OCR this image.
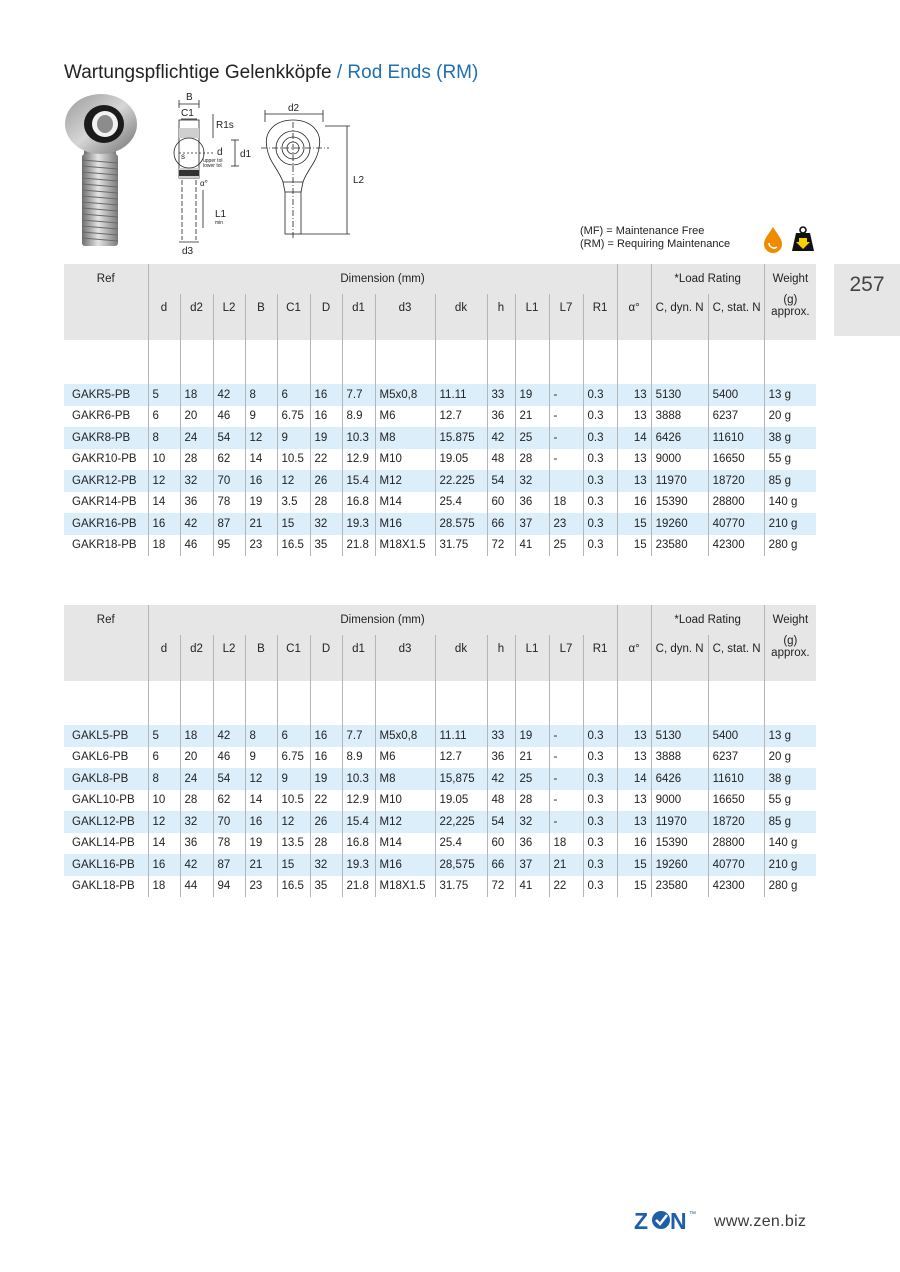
Wartungspflichtige Gelenkköpfe / Rod Ends (RM)
257
B
C1
R1s
d d1
s	upper tol
lower tol
α°
L1
min
d3
d2
L2
(MF) = Maintenance Free
(RM) = Requiring Maintenance
Ref	Dimension (mm)														*Load Rating		Weight
	d	d2	L2	B	C1	D	d1	d3	dk	h	L1	L7	R1	α°	C, dyn. N	C, stat. N	(g)
approx.

GAKR5-PB	5	18	42	8	6	16	7.7	M5x0,8	11.11	33	19	-	0.3	13	5130	5400	13 g
GAKR6-PB	6	20	46	9	6.75	16	8.9	M6	12.7	36	21	-	0.3	13	3888	6237	20 g
GAKR8-PB	8	24	54	12	9	19	10.3	M8	15.875	42	25	-	0.3	14	6426	11610	38 g
GAKR10-PB	10	28	62	14	10.5	22	12.9	M10	19.05	48	28	-	0.3	13	9000	16650	55 g
GAKR12-PB	12	32	70	16	12	26	15.4	M12	22.225	54	32		0.3	13	11970	18720	85 g
GAKR14-PB	14	36	78	19	3.5	28	16.8	M14	25.4	60	36	18	0.3	16	15390	28800	140 g
GAKR16-PB	16	42	87	21	15	32	19.3	M16	28.575	66	37	23	0.3	15	19260	40770	210 g
GAKR18-PB	18	46	95	23	16.5	35	21.8	M18X1.5	31.75	72	41	25	0.3	15	23580	42300	280 g
Ref	Dimension (mm)														*Load Rating		Weight
	d	d2	L2	B	C1	D	d1	d3	dk	h	L1	L7	R1	α°	C, dyn. N	C, stat. N	(g)
approx.

GAKL5-PB	5	18	42	8	6	16	7.7	M5x0,8	11.11	33	19	-	0.3	13	5130	5400	13 g
GAKL6-PB	6	20	46	9	6.75	16	8.9	M6	12.7	36	21	-	0.3	13	3888	6237	20 g
GAKL8-PB	8	24	54	12	9	19	10.3	M8	15,875	42	25	-	0.3	14	6426	11610	38 g
GAKL10-PB	10	28	62	14	10.5	22	12.9	M10	19.05	48	28	-	0.3	13	9000	16650	55 g
GAKL12-PB	12	32	70	16	12	26	15.4	M12	22,225	54	32	-	0.3	13	11970	18720	85 g
GAKL14-PB	14	36	78	19	13.5	28	16.8	M14	25.4	60	36	18	0.3	16	15390	28800	140 g
GAKL16-PB	16	42	87	21	15	32	19.3	M16	28,575	66	37	21	0.3	15	19260	40770	210 g
GAKL18-PB	18	44	94	23	16.5	35	21.8	M18X1.5	31.75	72	41	22	0.3	15	23580	42300	280 g
Z N ™ www.zen.biz
